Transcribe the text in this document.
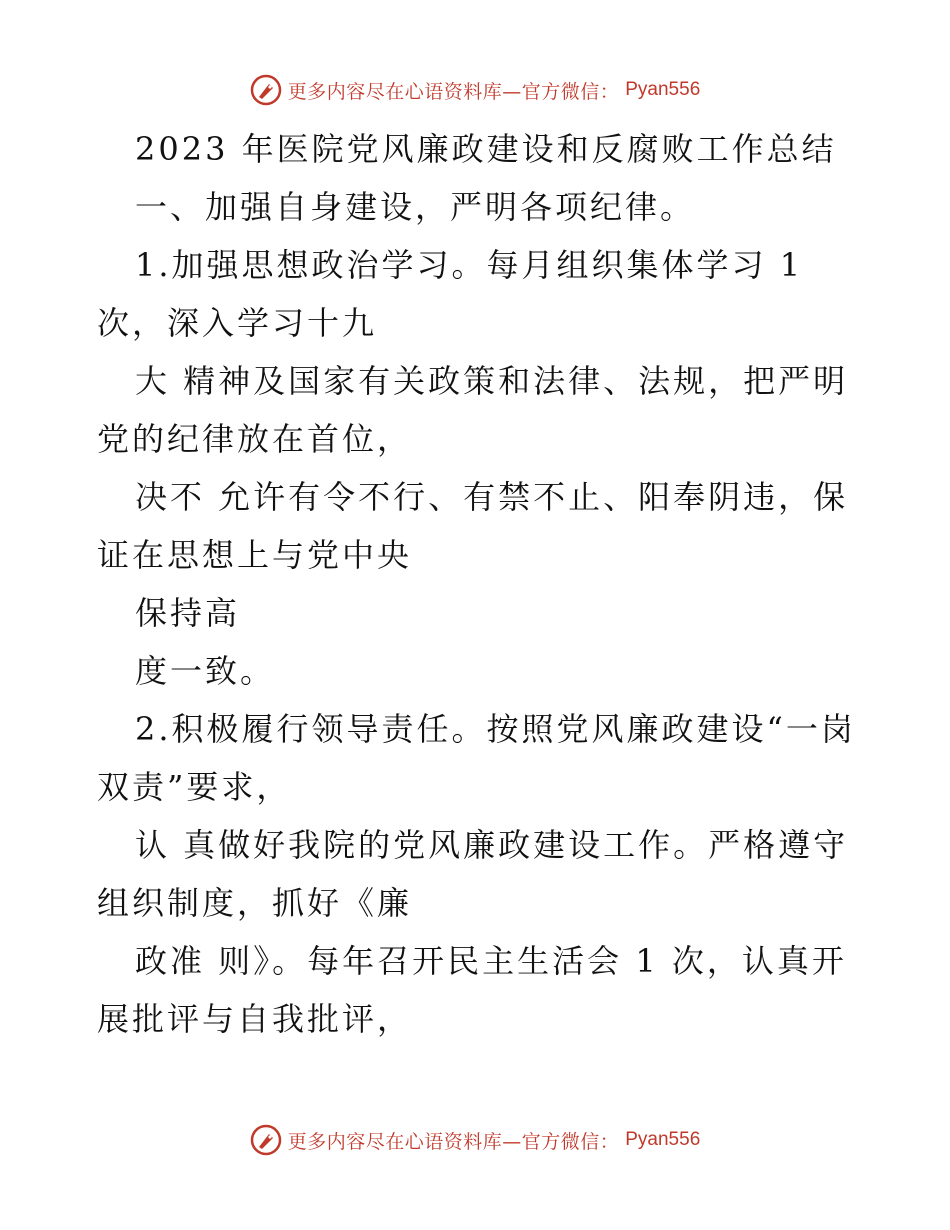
更多内容尽在心语资料库—官方微信： Pyan556
2023 年医院党风廉政建设和反腐败工作总结
一、加强自身建设，严明各项纪律。
1.加强思想政治学习。每月组织集体学习 1
次，深入学习十九
大 精神及国家有关政策和法律、法规，把严明
党的纪律放在首位，
决不 允许有令不行、有禁不止、阳奉阴违，保
证在思想上与党中央
保持高
度一致。
2.积极履行领导责任。按照党风廉政建设“一岗
双责”要求，
认 真做好我院的党风廉政建设工作。严格遵守
组织制度，抓好《廉
政准 则》。每年召开民主生活会 1 次，认真开
展批评与自我批评，
更多内容尽在心语资料库—官方微信： Pyan556
